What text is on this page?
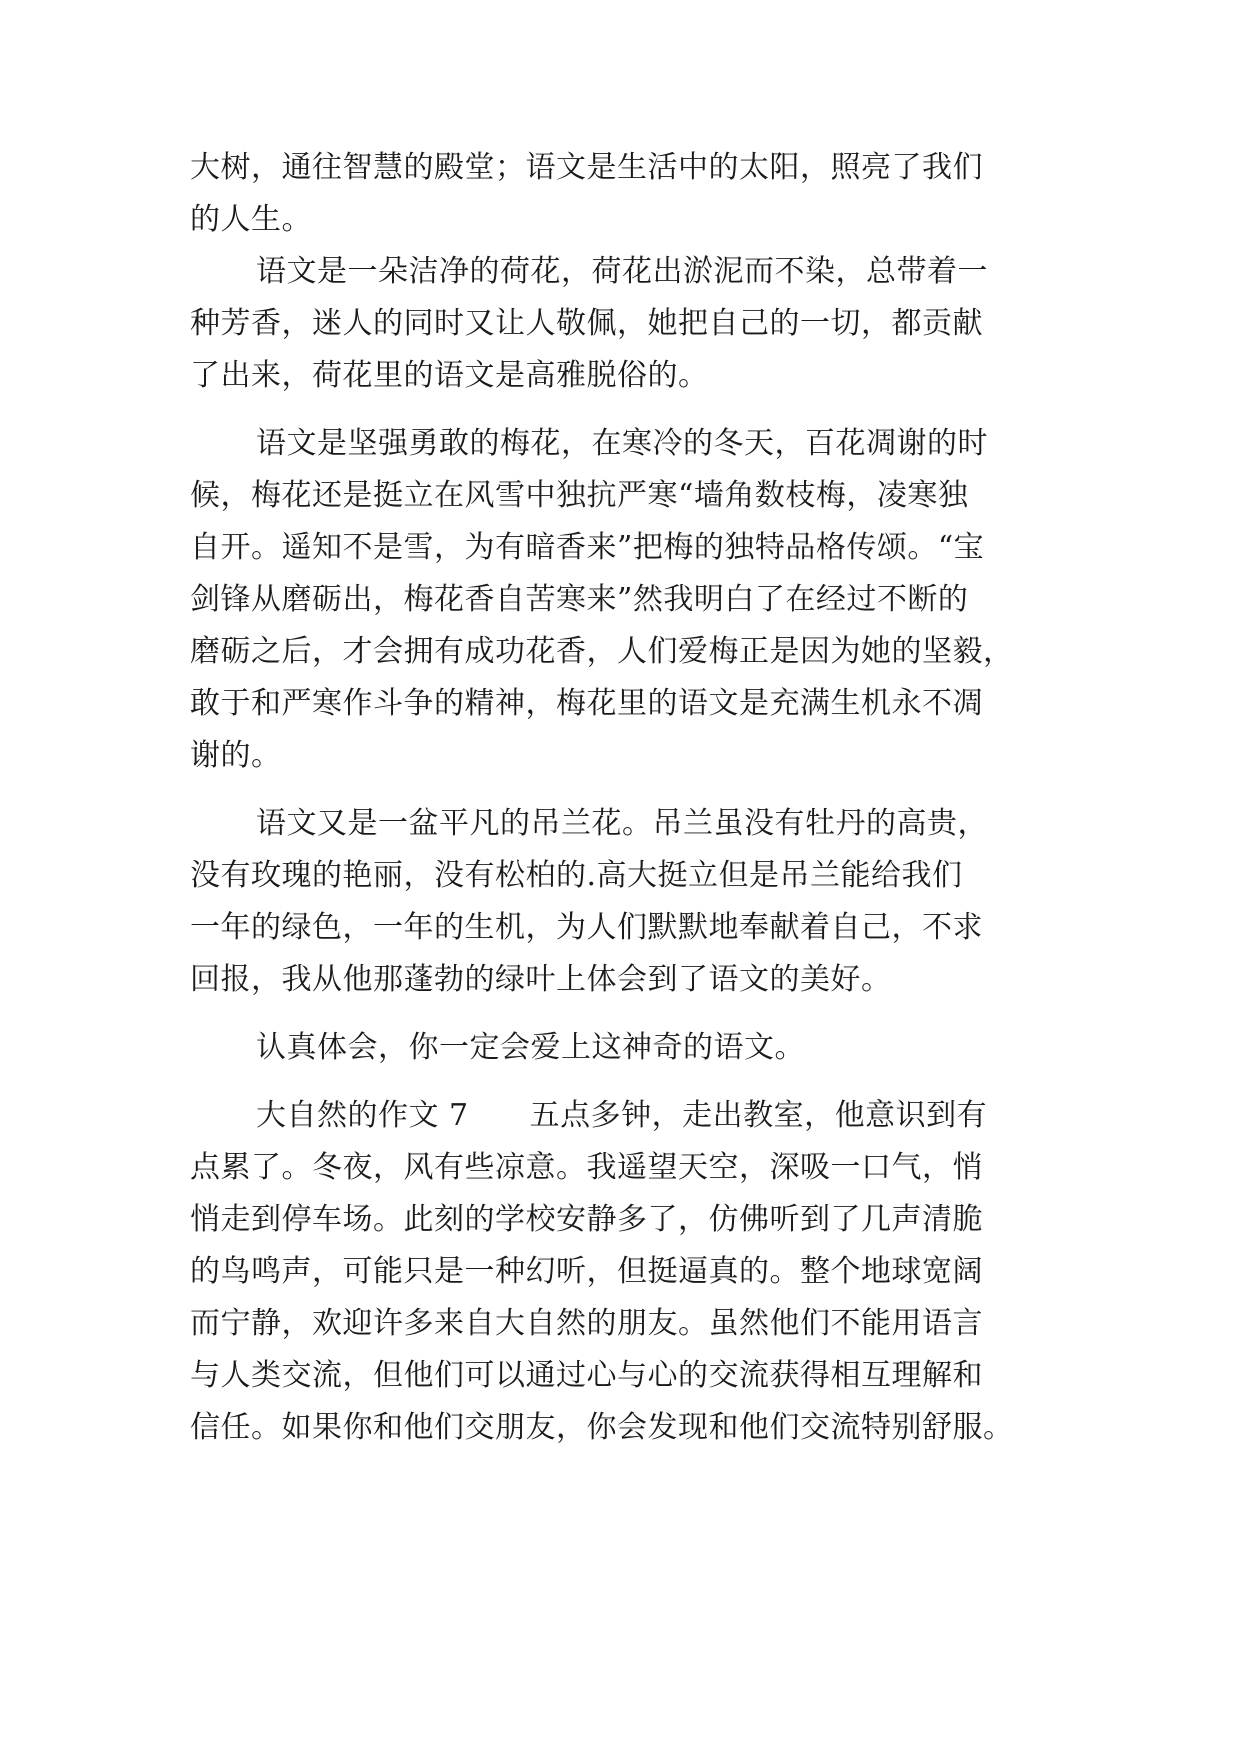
大树，通往智慧的殿堂；语文是生活中的太阳，照亮了我们
的人生。
语文是一朵洁净的荷花，荷花出淤泥而不染，总带着一
种芳香，迷人的同时又让人敬佩，她把自己的一切，都贡献
了出来，荷花里的语文是高雅脱俗的。
语文是坚强勇敢的梅花，在寒冷的冬天，百花凋谢的时
候，梅花还是挺立在风雪中独抗严寒“墙角数枝梅，凌寒独
自开。遥知不是雪，为有暗香来”把梅的独特品格传颂。“宝
剑锋从磨砺出，梅花香自苦寒来”然我明白了在经过不断的
磨砺之后，才会拥有成功花香，人们爱梅正是因为她的坚毅，
敢于和严寒作斗争的精神，梅花里的语文是充满生机永不凋
谢的。
语文又是一盆平凡的吊兰花。吊兰虽没有牡丹的高贵，
没有玫瑰的艳丽，没有松柏的.高大挺立但是吊兰能给我们
一年的绿色，一年的生机，为人们默默地奉献着自己，不求
回报，我从他那蓬勃的绿叶上体会到了语文的美好。
认真体会，你一定会爱上这神奇的语文。
大自然的作文 7　　五点多钟，走出教室，他意识到有
点累了。冬夜，风有些凉意。我遥望天空，深吸一口气，悄
悄走到停车场。此刻的学校安静多了，仿佛听到了几声清脆
的鸟鸣声，可能只是一种幻听，但挺逼真的。整个地球宽阔
而宁静，欢迎许多来自大自然的朋友。虽然他们不能用语言
与人类交流，但他们可以通过心与心的交流获得相互理解和
信任。如果你和他们交朋友，你会发现和他们交流特别舒服。
